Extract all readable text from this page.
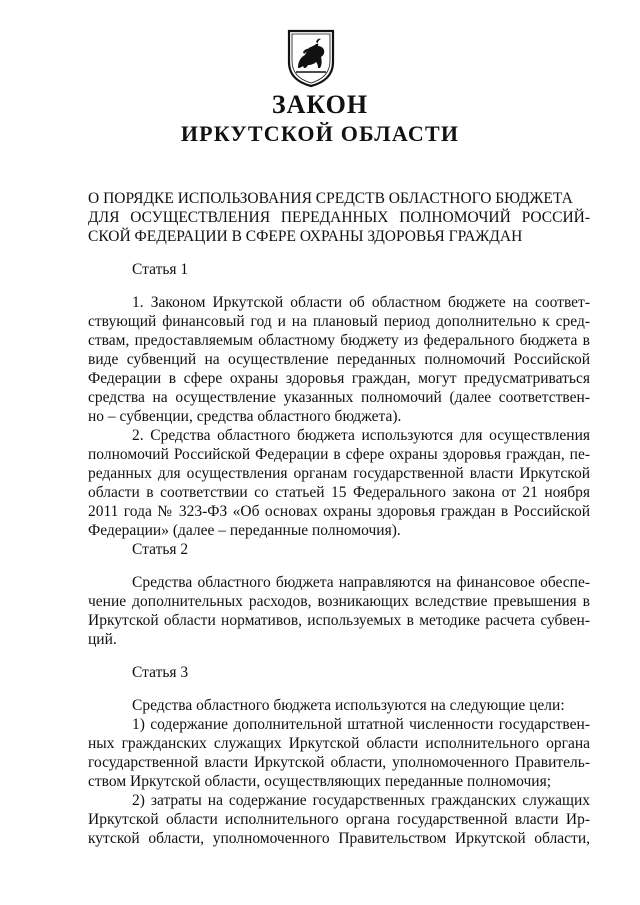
ЗАКОН
ИРКУТСКОЙ ОБЛАСТИ
О ПОРЯДКЕ ИСПОЛЬЗОВАНИЯ СРЕДСТВ ОБЛАСТНОГО БЮДЖЕТА
ДЛЯ ОСУЩЕСТВЛЕНИЯ ПЕРЕДАННЫХ ПОЛНОМОЧИЙ РОССИЙ-
СКОЙ ФЕДЕРАЦИИ В СФЕРЕ ОХРАНЫ ЗДОРОВЬЯ ГРАЖДАН
Статья 1
1. Законом Иркутской области об областном бюджете на соответ-
ствующий финансовый год и на плановый период дополнительно к сред-
ствам, предоставляемым областному бюджету из федерального бюджета в
виде субвенций на осуществление переданных полномочий Российской
Федерации в сфере охраны здоровья граждан, могут предусматриваться
средства на осуществление указанных полномочий (далее соответствен-
но – субвенции, средства областного бюджета).
2. Средства областного бюджета используются для осуществления
полномочий Российской Федерации в сфере охраны здоровья граждан, пе-
реданных для осуществления органам государственной власти Иркутской
области в соответствии со статьей 15 Федерального закона от 21 ноября
2011 года № 323-ФЗ «Об основах охраны здоровья граждан в Российской
Федерации» (далее – переданные полномочия).
Статья 2
Средства областного бюджета направляются на финансовое обеспе-
чение дополнительных расходов, возникающих вследствие превышения в
Иркутской области нормативов, используемых в методике расчета субвен-
ций.
Статья 3
Средства областного бюджета используются на следующие цели:
1) содержание дополнительной штатной численности государствен-
ных гражданских служащих Иркутской области исполнительного органа
государственной власти Иркутской области, уполномоченного Правитель-
ством Иркутской области, осуществляющих переданные полномочия;
2) затраты на содержание государственных гражданских служащих
Иркутской области исполнительного органа государственной власти Ир-
кутской области, уполномоченного Правительством Иркутской области,
